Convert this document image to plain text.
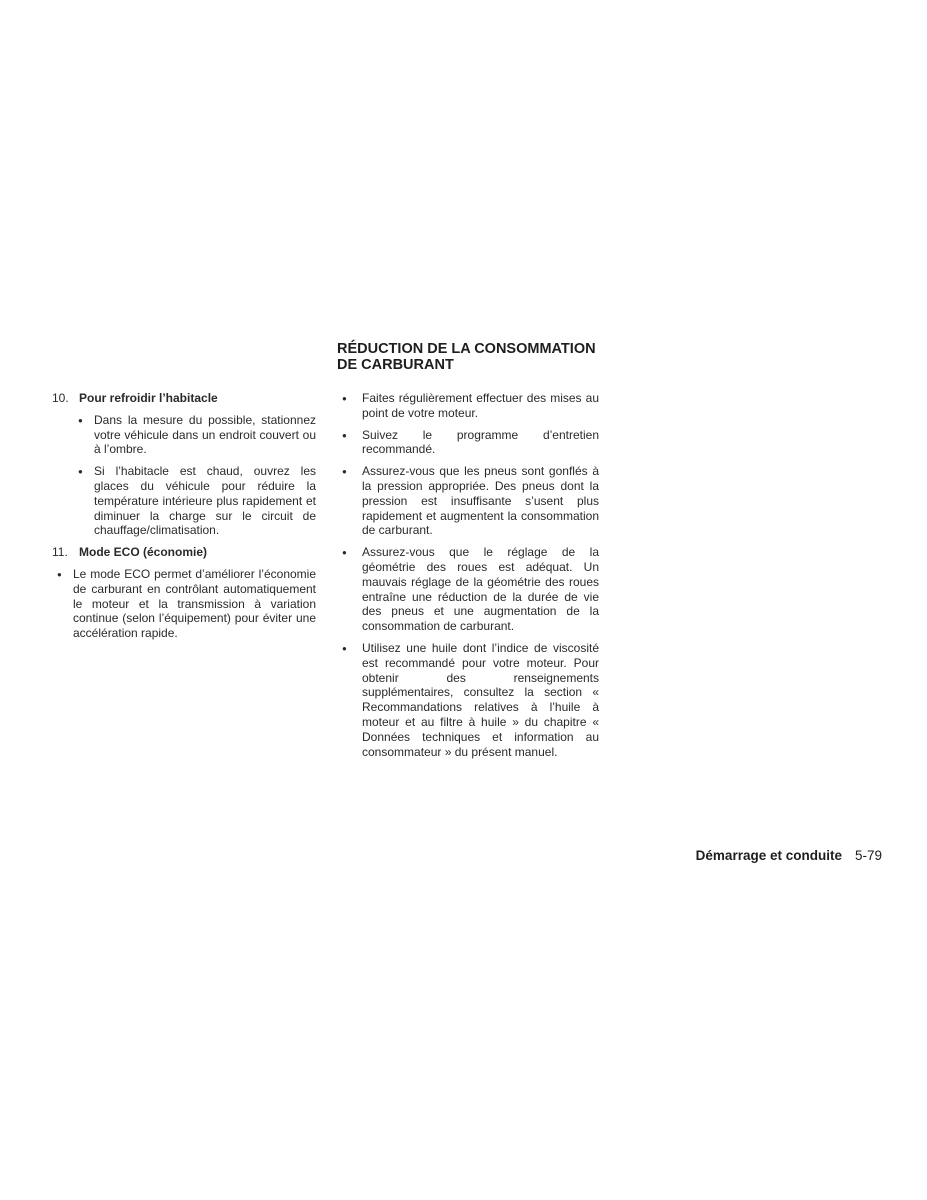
RÉDUCTION DE LA CONSOMMATION
DE CARBURANT
10. Pour refroidir l’habitacle
●
Dans la mesure du possible, stationnez votre véhicule dans un endroit couvert ou à l’ombre.
●
Si l’habitacle est chaud, ouvrez les glaces du véhicule pour réduire la température intérieure plus rapidement et diminuer la charge sur le circuit de chauffage/climatisation.
11. Mode ECO (économie)
●
Le mode ECO permet d’améliorer l’économie de carburant en contrôlant automatiquement le moteur et la transmission à variation continue (selon l’équipement) pour éviter une accélération rapide.
●
Faites régulièrement effectuer des mises au point de votre moteur.
●
Suivez le programme d’entretien recommandé.
●
Assurez-vous que les pneus sont gonflés à la pression appropriée. Des pneus dont la pression est insuffisante s’usent plus rapidement et augmentent la consommation de carburant.
●
Assurez-vous que le réglage de la géométrie des roues est adéquat. Un mauvais réglage de la géométrie des roues entraîne une réduction de la durée de vie des pneus et une augmentation de la consommation de carburant.
●
Utilisez une huile dont l’indice de viscosité est recommandé pour votre moteur. Pour obtenir des renseignements supplémentaires, consultez la section « Recommandations relatives à l’huile à moteur et au filtre à huile » du chapitre « Données techniques et information au consommateur » du présent manuel.
Démarrage et conduite 5-79
